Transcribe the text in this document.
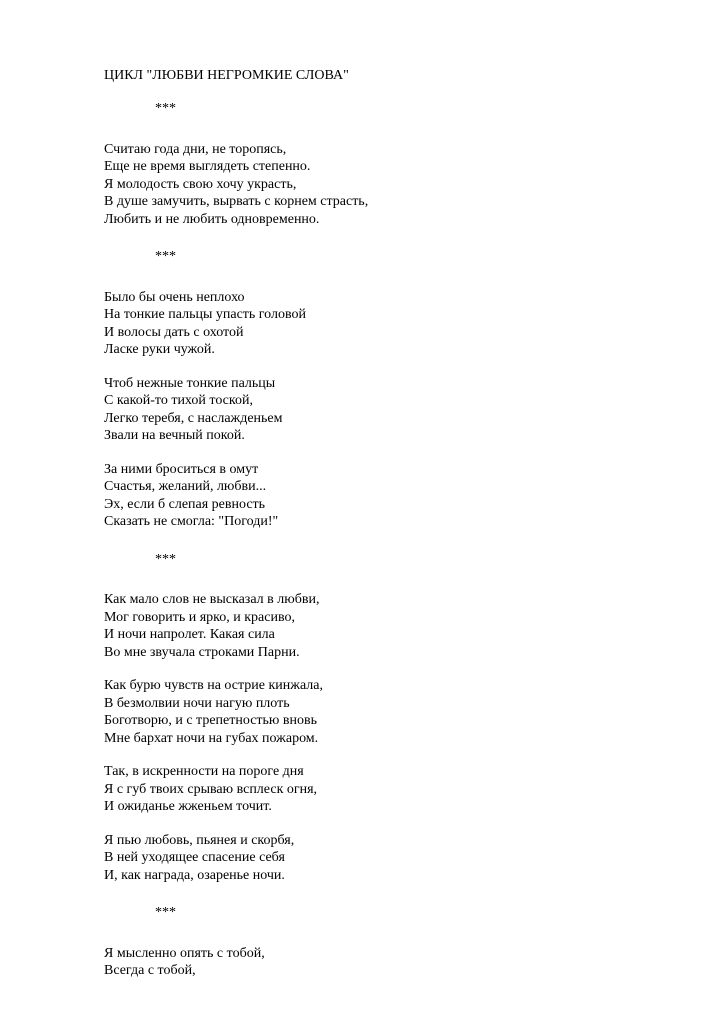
ЦИКЛ "ЛЮБВИ НЕГРОМКИЕ СЛОВА"
***
Считаю года дни, не торопясь,
Еще не время выглядеть степенно.
Я молодость свою хочу украсть,
В душе замучить, вырвать с корнем страсть,
Любить и не любить одновременно.
***
Было бы очень неплохо
На тонкие пальцы упасть головой
И волосы дать с охотой
Ласке руки чужой.
Чтоб нежные тонкие пальцы
С какой-то тихой тоской,
Легко теребя, с наслажденьем
Звали на вечный покой.
За ними броситься в омут
Счастья, желаний, любви...
Эх, если б слепая ревность
Сказать не смогла: "Погоди!"
***
Как мало слов не высказал в любви,
Мог говорить и ярко, и красиво,
И ночи напролет. Какая сила
Во мне звучала строками Парни.
Как бурю чувств на острие кинжала,
В безмолвии ночи нагую плоть
Боготворю, и с трепетностью вновь
Мне бархат ночи на губах пожаром.
Так, в искренности на пороге дня
Я с губ твоих срываю всплеск огня,
И ожиданье жженьем точит.
Я пью любовь, пьянея и скорбя,
В ней уходящее спасение себя
И, как награда, озаренье ночи.
***
Я мысленно опять с тобой,
Всегда с тобой,
